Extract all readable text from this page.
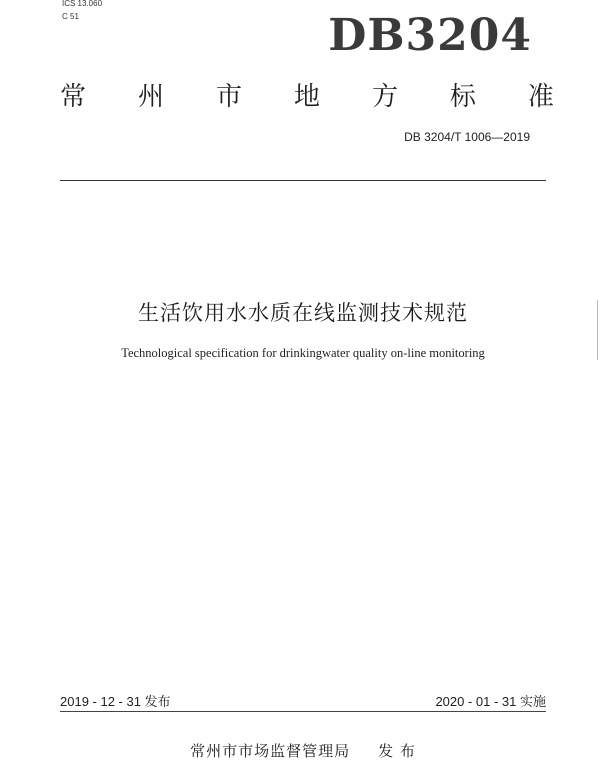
ICS 13.060
C 51	DB3204
常 州 市 地 方 标 准
DB 3204/T 1006—2019
生活饮用水水质在线监测技术规范
Technological specification for drinkingwater quality on-line monitoring
2019 - 12 - 31 发布	2020 - 01 - 31 实施
常州市市场监督管理局 发 布
